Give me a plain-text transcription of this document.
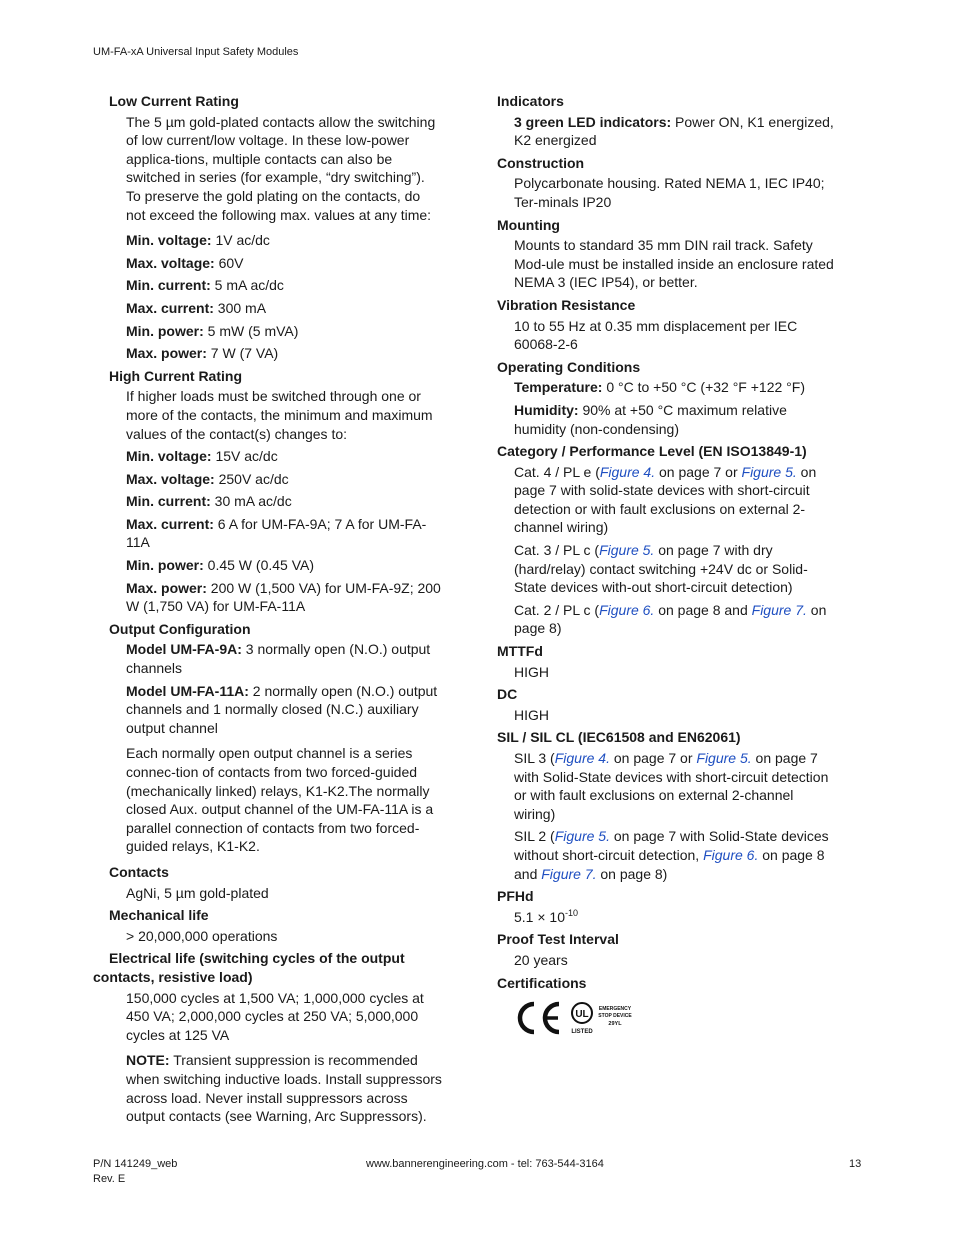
UM-FA-xA Universal Input Safety Modules
Low Current Rating
The 5 µm gold-plated contacts allow the switching of low current/low voltage. In these low-power applica-tions, multiple contacts can also be switched in series (for example, “dry switching”). To preserve the gold plating on the contacts, do not exceed the following max. values at any time:
Min. voltage: 1V ac/dc
Max. voltage: 60V
Min. current: 5 mA ac/dc
Max. current: 300 mA
Min. power: 5 mW (5 mVA)
Max. power: 7 W (7 VA)
High Current Rating
If higher loads must be switched through one or more of the contacts, the minimum and maximum values of the contact(s) changes to:
Min. voltage: 15V ac/dc
Max. voltage: 250V ac/dc
Min. current: 30 mA ac/dc
Max. current: 6 A for UM-FA-9A; 7 A for UM-FA-11A
Min. power: 0.45 W (0.45 VA)
Max. power: 200 W (1,500 VA) for UM-FA-9Z; 200 W (1,750 VA) for UM-FA-11A
Output Configuration
Model UM-FA-9A: 3 normally open (N.O.) output channels
Model UM-FA-11A: 2 normally open (N.O.) output channels and 1 normally closed (N.C.) auxiliary output channel
Each normally open output channel is a series connec-tion of contacts from two forced-guided (mechanically linked) relays, K1-K2.The normally closed Aux. output channel of the UM-FA-11A is a parallel connection of contacts from two forced-guided relays, K1-K2.
Contacts
AgNi, 5 µm gold-plated
Mechanical life
> 20,000,000 operations
Electrical life (switching cycles of the output contacts, resistive load)
150,000 cycles at 1,500 VA; 1,000,000 cycles at 450 VA; 2,000,000 cycles at 250 VA; 5,000,000 cycles at 125 VA
NOTE: Transient suppression is recommended when switching inductive loads. Install suppressors across load. Never install suppressors across output contacts (see Warning, Arc Suppressors).
Indicators
3 green LED indicators: Power ON, K1 energized, K2 energized
Construction
Polycarbonate housing. Rated NEMA 1, IEC IP40; Ter-minals IP20
Mounting
Mounts to standard 35 mm DIN rail track. Safety Mod-ule must be installed inside an enclosure rated NEMA 3 (IEC IP54), or better.
Vibration Resistance
10 to 55 Hz at 0.35 mm displacement per IEC 60068-2-6
Operating Conditions
Temperature: 0 °C to +50 °C (+32 °F +122 °F)
Humidity: 90% at +50 °C maximum relative humidity (non-condensing)
Category / Performance Level (EN ISO13849-1)
Cat. 4 / PL e (Figure 4. on page 7 or Figure 5. on page 7 with solid-state devices with short-circuit detection or with fault exclusions on external 2-channel wiring)
Cat. 3 / PL c (Figure 5. on page 7 with dry (hard/relay) contact switching +24V dc or Solid-State devices with-out short-circuit detection)
Cat. 2 / PL c (Figure 6. on page 8 and Figure 7. on page 8)
MTTFd
HIGH
DC
HIGH
SIL / SIL CL (IEC61508 and EN62061)
SIL 3 (Figure 4. on page 7 or Figure 5. on page 7 with Solid-State devices with short-circuit detection or with fault exclusions on external 2-channel wiring)
SIL 2 (Figure 5. on page 7 with Solid-State devices without short-circuit detection, Figure 6. on page 8 and Figure 7. on page 8)
PFHd
$5.1 \times 10^{-10}$
Proof Test Interval
20 years
Certifications
UL
LISTED
EMERGENCY
STOP DEVICE
29YL
P/N 141249_web
Rev. E
www.bannerengineering.com - tel: 763-544-3164	13
